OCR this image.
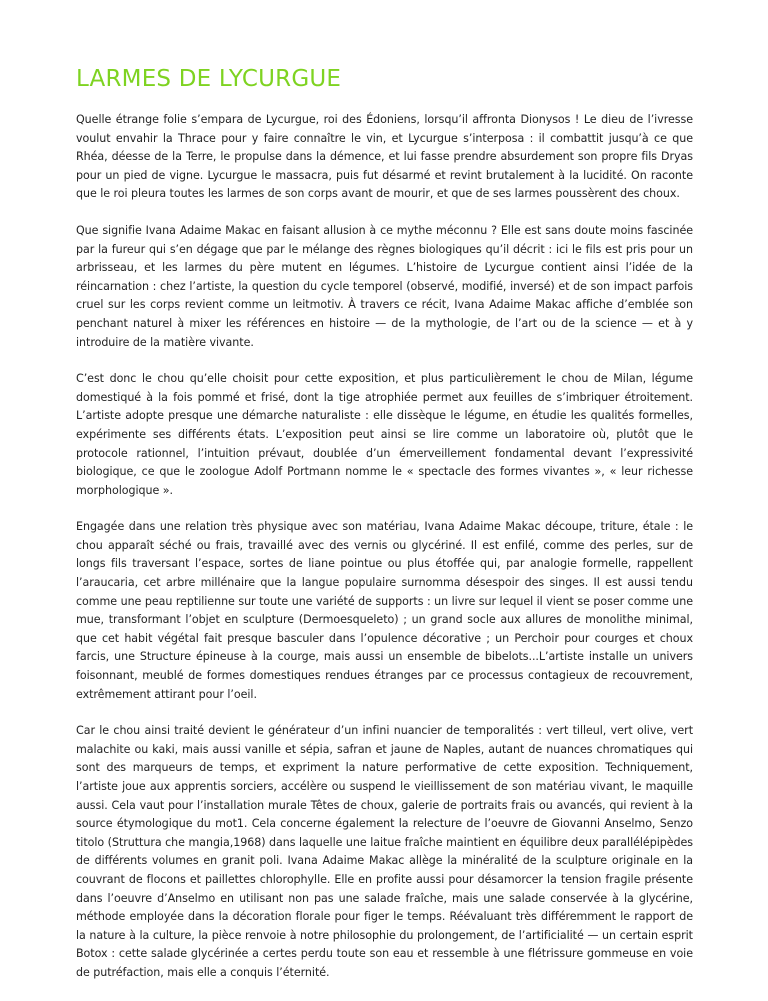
LARMES DE LYCURGUE

Quelle étrange folie s’empara de Lycurgue, roi des Édoniens, lorsqu’il affronta Dionysos ! Le dieu de l’ivresse voulut envahir la Thrace pour y faire connaître le vin, et Lycurgue s’interposa : il combattit jusqu’à ce que Rhéa, déesse de la Terre, le propulse dans la démence, et lui fasse prendre absurdement son propre fils Dryas pour un pied de vigne. Lycurgue le massacra, puis fut désarmé et revint brutalement à la lucidité. On raconte que le roi pleura toutes les larmes de son corps avant de mourir, et que de ses larmes poussèrent des choux.

Que signifie Ivana Adaime Makac en faisant allusion à ce mythe méconnu ? Elle est sans doute moins fascinée par la fureur qui s’en dégage que par le mélange des règnes biologiques qu’il décrit : ici le fils est pris pour un arbrisseau, et les larmes du père mutent en légumes. L’histoire de Lycurgue contient ainsi l’idée de la réincarnation : chez l’artiste, la question du cycle temporel (observé, modifié, inversé) et de son impact parfois cruel sur les corps revient comme un leitmotiv. À travers ce récit, Ivana Adaime Makac affiche d’emblée son penchant naturel à mixer les références en histoire — de la mythologie, de l’art ou de la science — et à y introduire de la matière vivante.

C’est donc le chou qu’elle choisit pour cette exposition, et plus particulièrement le chou de Milan, légume domestiqué à la fois pommé et frisé, dont la tige atrophiée permet aux feuilles de s’imbriquer étroitement. L’artiste adopte presque une démarche naturaliste : elle dissèque le légume, en étudie les qualités formelles, expérimente ses différents états. L’exposition peut ainsi se lire comme un laboratoire où, plutôt que le protocole rationnel, l’intuition prévaut, doublée d’un émerveillement fondamental devant l’expressivité biologique, ce que le zoologue Adolf Portmann nomme le « spectacle des formes vivantes », « leur richesse morphologique ».

Engagée dans une relation très physique avec son matériau, Ivana Adaime Makac découpe, triture, étale : le chou apparaît séché ou frais, travaillé avec des vernis ou glycériné. Il est enfilé, comme des perles, sur de longs fils traversant l’espace, sortes de liane pointue ou plus étoffée qui, par analogie formelle, rappellent l’araucaria, cet arbre millénaire que la langue populaire surnomma désespoir des singes. Il est aussi tendu comme une peau reptilienne sur toute une variété de supports : un livre sur lequel il vient se poser comme une mue, transformant l’objet en sculpture (Dermoesqueleto) ; un grand socle aux allures de monolithe minimal, que cet habit végétal fait presque basculer dans l’opulence décorative ; un Perchoir pour courges et choux farcis, une Structure épineuse à la courge, mais aussi un ensemble de bibelots...L’artiste installe un univers foisonnant, meublé de formes domestiques rendues étranges par ce processus contagieux de recouvrement, extrêmement attirant pour l’oeil.

Car le chou ainsi traité devient le générateur d’un infini nuancier de temporalités : vert tilleul, vert olive, vert malachite ou kaki, mais aussi vanille et sépia, safran et jaune de Naples, autant de nuances chromatiques qui sont des marqueurs de temps, et expriment la nature performative de cette exposition. Techniquement, l’artiste joue aux apprentis sorciers, accélère ou suspend le vieillissement de son matériau vivant, le maquille aussi. Cela vaut pour l’installation murale Têtes de choux, galerie de portraits frais ou avancés, qui revient à la source étymologique du mot1. Cela concerne également la relecture de l’oeuvre de Giovanni Anselmo, Senzo titolo (Struttura che mangia,1968) dans laquelle une laitue fraîche maintient en équilibre deux parallélépipèdes de différents volumes en granit poli. Ivana Adaime Makac allège la minéralité de la sculpture originale en la couvrant de flocons et paillettes chlorophylle. Elle en profite aussi pour désamorcer la tension fragile présente dans l’oeuvre d’Anselmo en utilisant non pas une salade fraîche, mais une salade conservée à la glycérine, méthode employée dans la décoration florale pour figer le temps. Réévaluant très différemment le rapport de la nature à la culture, la pièce renvoie à notre philosophie du prolongement, de l’artificialité — un certain esprit Botox : cette salade glycérinée a certes perdu toute son eau et ressemble à une flétrissure gommeuse en voie de putréfaction, mais elle a conquis l’éternité.
